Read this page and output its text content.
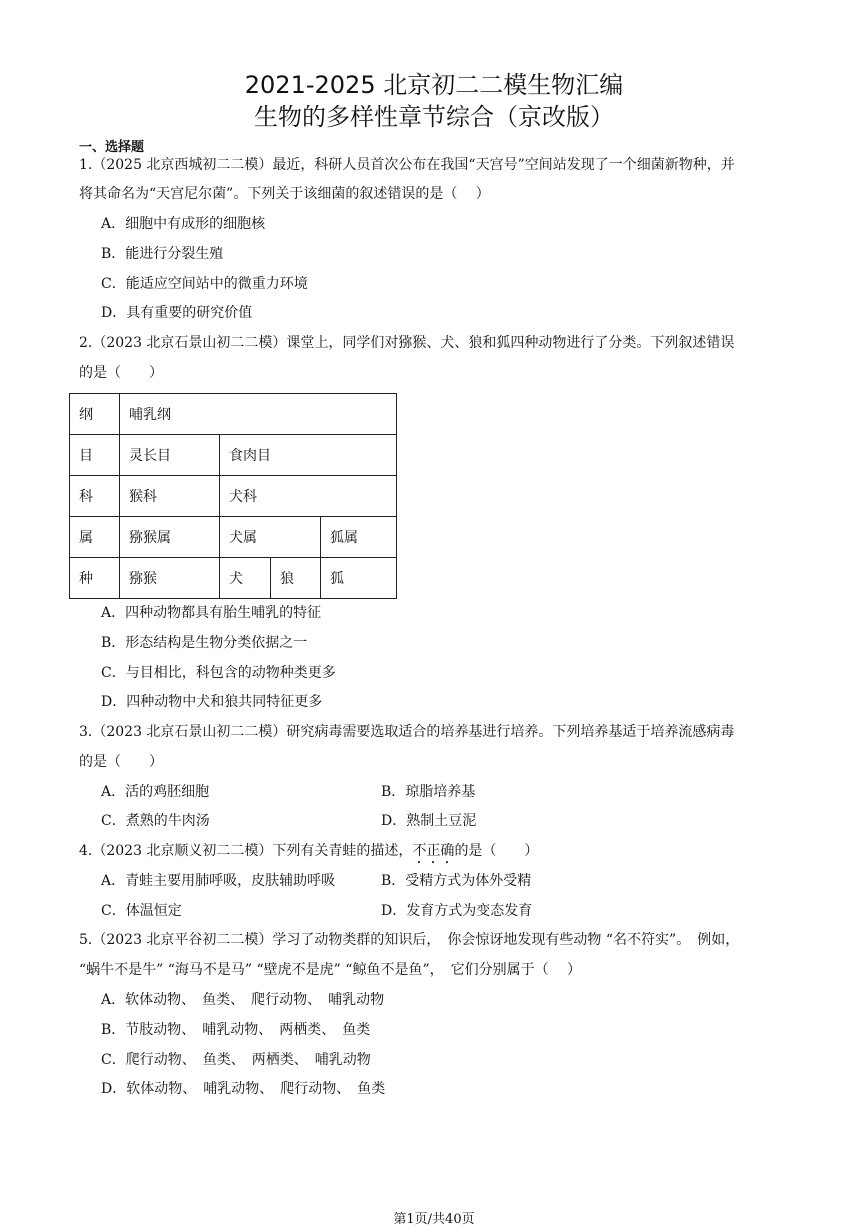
2021-2025 北京初二二模生物汇编
生物的多样性章节综合（京改版）
一、选择题
1.（2025 北京西城初二二模）最近，科研人员首次公布在我国“天宫号”空间站发现了一个细菌新物种，并
将其命名为“天宫尼尔菌”。下列关于该细菌的叙述错误的是（　 ）
A．细胞中有成形的细胞核
B．能进行分裂生殖
C．能适应空间站中的微重力环境
D．具有重要的研究价值
2.（2023 北京石景山初二二模）课堂上，同学们对猕猴、犬、狼和狐四种动物进行了分类。下列叙述错误
的是（　　）
纲	哺乳纲			
目	灵长目	食肉目		
科	猴科	犬科		
属	猕猴属	犬属		狐属
种	猕猴	犬	狼	狐
A．四种动物都具有胎生哺乳的特征
B．形态结构是生物分类依据之一
C．与目相比，科包含的动物种类更多
D．四种动物中犬和狼共同特征更多
3.（2023 北京石景山初二二模）研究病毒需要选取适合的培养基进行培养。下列培养基适于培养流感病毒
的是（　　）
A．活的鸡胚细胞	B．琼脂培养基
C．煮熟的牛肉汤	D．熟制土豆泥
4.（2023 北京顺义初二二模）下列有关青蛙的描述，不正确的是（　　）
A．青蛙主要用肺呼吸，皮肤辅助呼吸	B．受精方式为体外受精
C．体温恒定	D．发育方式为变态发育
5.（2023 北京平谷初二二模）学习了动物类群的知识后，　你会惊讶地发现有些动物 “名不符实”。　例如，
“蜗牛不是牛” “海马不是马” “壁虎不是虎” “鲸鱼不是鱼”，　它们分别属于（　 ）
A．软体动物、　鱼类、　爬行动物、　哺乳动物
B．节肢动物、　哺乳动物、　两栖类、　鱼类
C．爬行动物、　鱼类、　两栖类、　哺乳动物
D．软体动物、　哺乳动物、　爬行动物、　鱼类
第1页/共40页
